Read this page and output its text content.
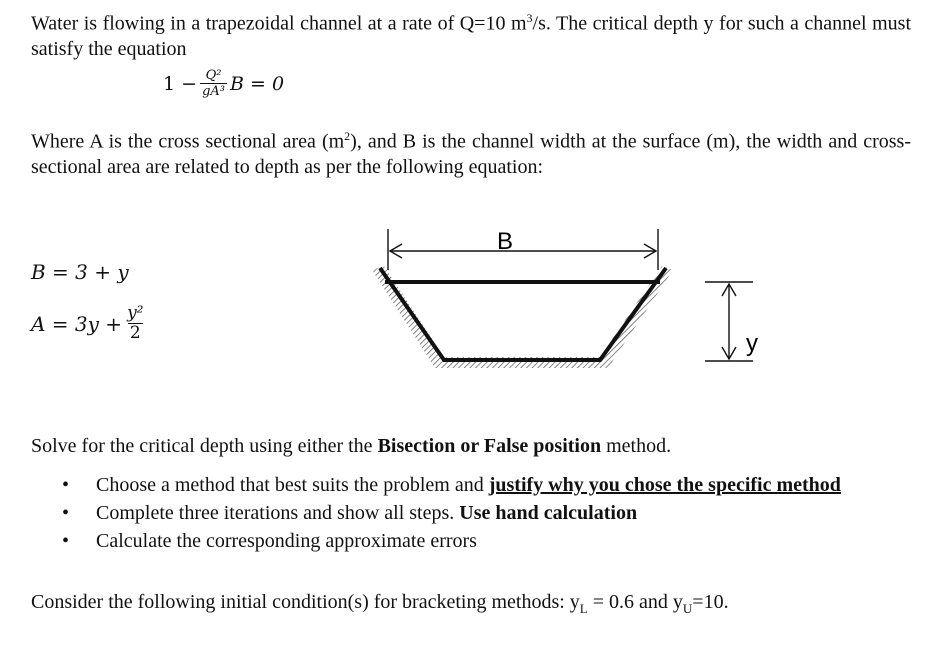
Water is flowing in a trapezoidal channel at a rate of Q=10 $m^3/s$. The critical depth y for such a channel must satisfy the equation
$1 - \frac{\text{Q²}}{\text{gA³}}$ B = 0
Where A is the cross sectional area $(m^2)$, and B is the channel width at the surface (m), the width and cross-sectional area are related to depth as per the following equation:
B = 3 + y
$A = 3y + \frac{\text{y²}}{2}$
B
y
Solve for the critical depth using either the Bisection or False position method.
• Choose a method that best suits the problem and justify why you chose the specific method
• Complete three iterations and show all steps. Use hand calculation
• Calculate the corresponding approximate errors
Consider the following initial condition(s) for bracketing methods: $y_L = 0.6$ and $y_U=10$.
